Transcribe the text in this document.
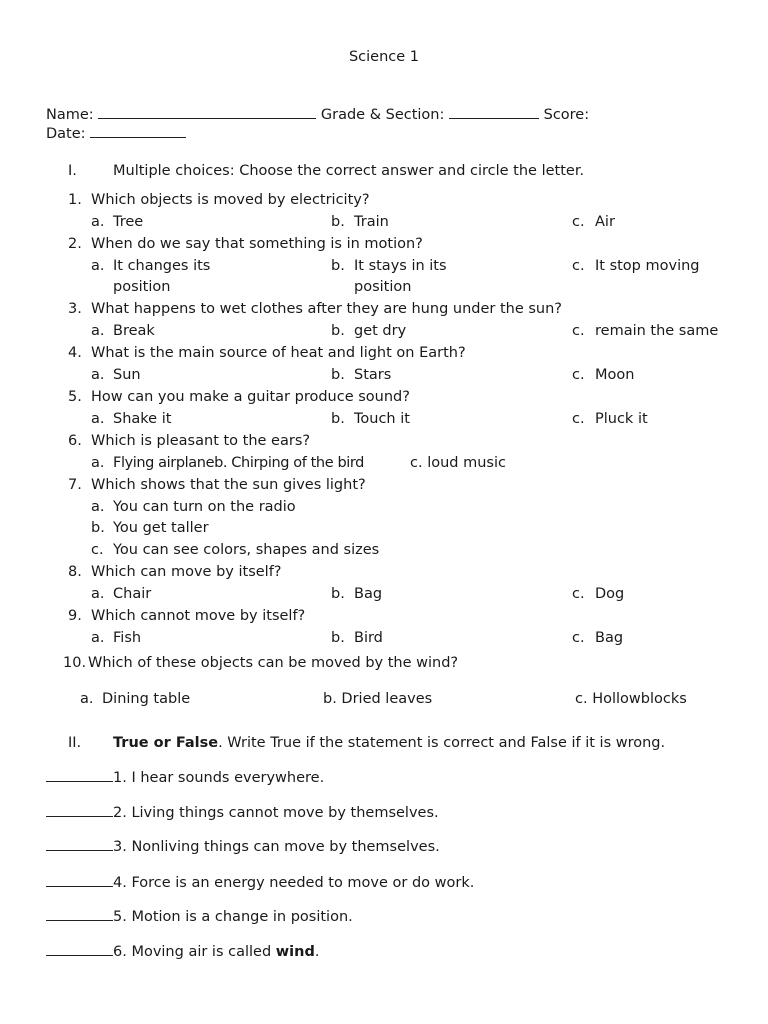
Science 1
Name:	Grade & Section:	Score:
Date:
I. Multiple choices: Choose the correct answer and circle the letter.
1. Which objects is moved by electricity?
a. Tree	b. Train	c. Air
2. When do we say that something is in motion?
a. It changes its
position
b. It stays in its
position
c. It stop moving
3. What happens to wet clothes after they are hung under the sun?
a. Break	b. get dry	c. remain the same
4. What is the main source of heat and light on Earth?
a. Sun	b. Stars	c. Moon
5. How can you make a guitar produce sound?
a. Shake it	b. Touch it	c. Pluck it
6. Which is pleasant to the ears?
a. Flying airplaneb. Chirping of the bird	c. loud music
7. Which shows that the sun gives light?
a. You can turn on the radio
b. You get taller
c. You can see colors, shapes and sizes
8. Which can move by itself?
a. Chair	b. Bag	c. Dog
9. Which cannot move by itself?
a. Fish	b. Bird	c. Bag
10. Which of these objects can be moved by the wind?
a. Dining table	b. Dried leaves	c. Hollowblocks
II. True or False. Write True if the statement is correct and False if it is wrong.
1. I hear sounds everywhere.
2. Living things cannot move by themselves.
3. Nonliving things can move by themselves.
4. Force is an energy needed to move or do work.
5. Motion is a change in position.
6. Moving air is called wind.
